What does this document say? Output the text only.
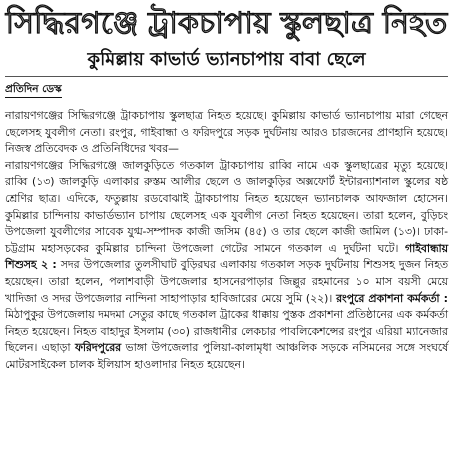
সিদ্ধিরগঞ্জে ট্রাকচাপায় স্কুলছাত্র নিহত
কুমিল্লায় কাভার্ড ভ্যানচাপায় বাবা ছেলে
প্রতিদিন ডেস্ক

নারায়ণগঞ্জের সিদ্ধিরগঞ্জে ট্রাকচাপায় স্কুলছাত্র নিহত হয়েছে। কুমিল্লায় কাভার্ড ভ্যানচাপায় মারা গেছেন ছেলেসহ যুবলীগ নেতা। রংপুর, গাইবান্ধা ও ফরিদপুরে সড়ক দুর্ঘটনায় আরও চারজনের প্রাণহানি হয়েছে। নিজস্ব প্রতিবেদক ও প্রতিনিধিদের খবর—

নারায়ণগঞ্জের সিদ্ধিরগঞ্জে জালকুড়িতে গতকাল ট্রাকচাপায় রাব্বি নামে এক স্কুলছাত্রের মৃত্যু হয়েছে। রাব্বি (১৩) জালকুড়ি এলাকার রুস্তম আলীর ছেলে ও জালকুড়ির অক্সফোর্ট ইন্টারন্যাশনাল স্কুলের ষষ্ঠ শ্রেণির ছাত্র। এদিকে, ফতুল্লায় রডবোঝাই ট্রাকচাপায় নিহত হয়েছেন ভ্যানচালক আফজাল হোসেন। কুমিল্লার চান্দিনায় কাভার্ডভ্যান চাপায় ছেলেসহ এক যুবলীগ নেতা নিহত হয়েছেন। তারা হলেন, বুড়িচং উপজেলা যুবলীগের সাবেক যুগ্ম-সম্পাদক কাজী জসিম (৪৫) ও তার ছেলে কাজী জামিল (১৩)। ঢাকা-চট্টগ্রাম মহাসড়কের কুমিল্লার চান্দিনা উপজেলা গেটের সামনে গতকাল এ দুর্ঘটনা ঘটে। গাইবান্ধায় শিশুসহ ২ : সদর উপজেলার তুলসীঘাট বুড়িরঘর এলাকায় গতকাল সড়ক দুর্ঘটনায় শিশুসহ দুজন নিহত হয়েছেন। তারা হলেন, পলাশবাড়ী উপজেলার হাসনেরপাড়ার জিল্লুর রহমানের ১০ মাস বয়সী মেয়ে খাদিজা ও সদর উপজেলার নান্দিনা সাহাপাড়ার হাবিজারের মেয়ে সুমি (২২)। রংপুরে প্রকাশনা কর্মকর্তা : মিঠাপুকুর উপজেলায় দমদমা সেতুর কাছে গতকাল ট্রাকের ধাক্কায় পুস্তক প্রকাশনা প্রতিষ্ঠানের এক কর্মকর্তা নিহত হয়েছেন। নিহত বাহাদুর ইসলাম (৩০) রাজধানীর লেকচার পাবলিকেশন্সের রংপুর এরিয়া ম্যানেজার ছিলেন। এছাড়া ফরিদপুরের ভাঙ্গা উপজেলার পুলিয়া-কালামৃধা আঞ্চলিক সড়কে নসিমনের সঙ্গে সংঘর্ষে মোটরসাইকেল চালক ইলিয়াস হাওলাদার নিহত হয়েছেন।
